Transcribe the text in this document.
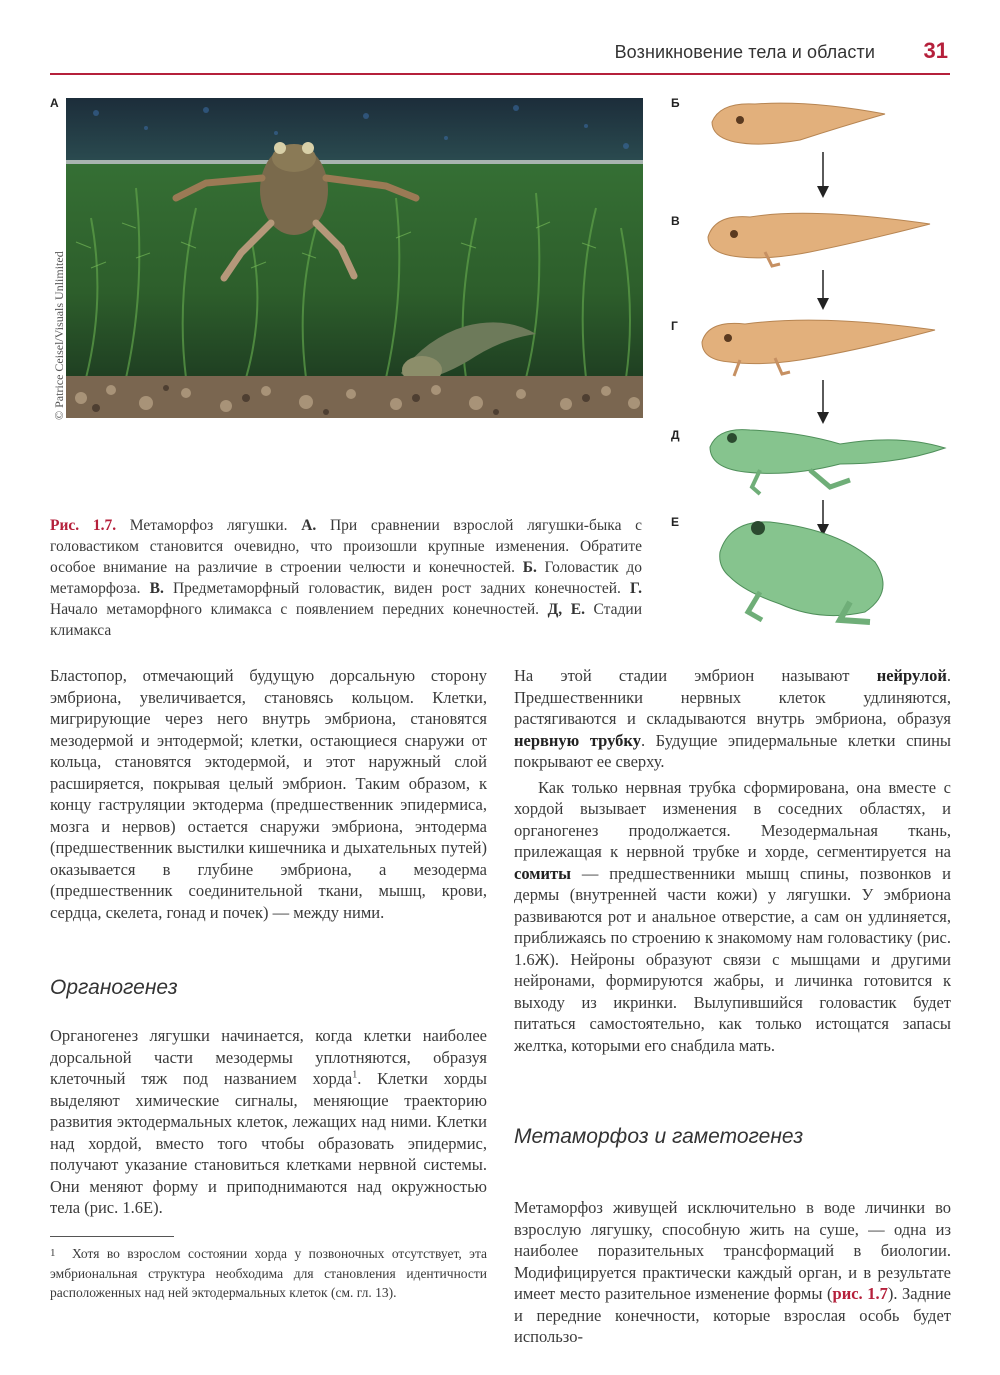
Возникновение тела и области 31
А
© Patrice Ceisel/Visuals Unlimited
Б
В
Г
Д
Е
Рис. 1.7. Метаморфоз лягушки. А. При сравнении взрослой лягушки-быка с головастиком становится очевидно, что произошли крупные изменения. Обратите особое внимание на различие в строении челюсти и конечностей. Б. Головастик до метаморфоза. В. Предметаморфный головастик, виден рост задних конечностей. Г. Начало метаморфного климакса с появлением передних конечностей. Д, Е. Стадии климакса

Бластопор, отмечающий будущую дорсальную сторону эмбриона, увеличивается, становясь кольцом. Клетки, мигрирующие через него внутрь эмбриона, становятся мезодермой и энтодермой; клетки, остающиеся снаружи от кольца, становятся эктодермой, и этот наружный слой расширяется, покрывая целый эмбрион. Таким образом, к концу гаструляции эктодерма (предшественник эпидермиса, мозга и нервов) остается снаружи эмбриона, энтодерма (предшественник выстилки кишечника и дыхательных путей) оказывается в глубине эмбриона, а мезодерма (предшественник соединительной ткани, мышц, крови, сердца, скелета, гонад и почек) — между ними.

Органогенез

Органогенез лягушки начинается, когда клетки наиболее дорсальной части мезодермы уплотняются, образуя клеточный тяж под названием хорда$^1$. Клетки хорды выделяют химические сигналы, меняющие траекторию развития эктодермальных клеток, лежащих над ними. Клетки над хордой, вместо того чтобы образовать эпидермис, получают указание становиться клетками нервной системы. Они меняют форму и приподнимаются над окружностью тела (рис. 1.6Е).

1 Хотя во взрослом состоянии хорда у позвоночных отсутствует, эта эмбриональная структура необходима для становления идентичности расположенных над ней эктодермальных клеток (см. гл. 13).

На этой стадии эмбрион называют нейрулой. Предшественники нервных клеток удлиняются, растягиваются и складываются внутрь эмбриона, образуя нервную трубку. Будущие эпидермальные клетки спины покрывают ее сверху.

Как только нервная трубка сформирована, она вместе с хордой вызывает изменения в соседних областях, и органогенез продолжается. Мезодермальная ткань, прилежащая к нервной трубке и хорде, сегментируется на сомиты — предшественники мышц спины, позвонков и дермы (внутренней части кожи) у лягушки. У эмбриона развиваются рот и анальное отверстие, а сам он удлиняется, приближаясь по строению к знакомому нам головастику (рис. 1.6Ж). Нейроны образуют связи с мышцами и другими нейронами, формируются жабры, и личинка готовится к выходу из икринки. Вылупившийся головастик будет питаться самостоятельно, как только истощатся запасы желтка, которыми его снабдила мать.

Метаморфоз и гаметогенез

Метаморфоз живущей исключительно в воде личинки во взрослую лягушку, способную жить на суше, — одна из наиболее поразительных трансформаций в биологии. Модифицируется практически каждый орган, и в результате имеет место разительное изменение формы (рис. 1.7). Задние и передние конечности, которые взрослая особь будет использо-
